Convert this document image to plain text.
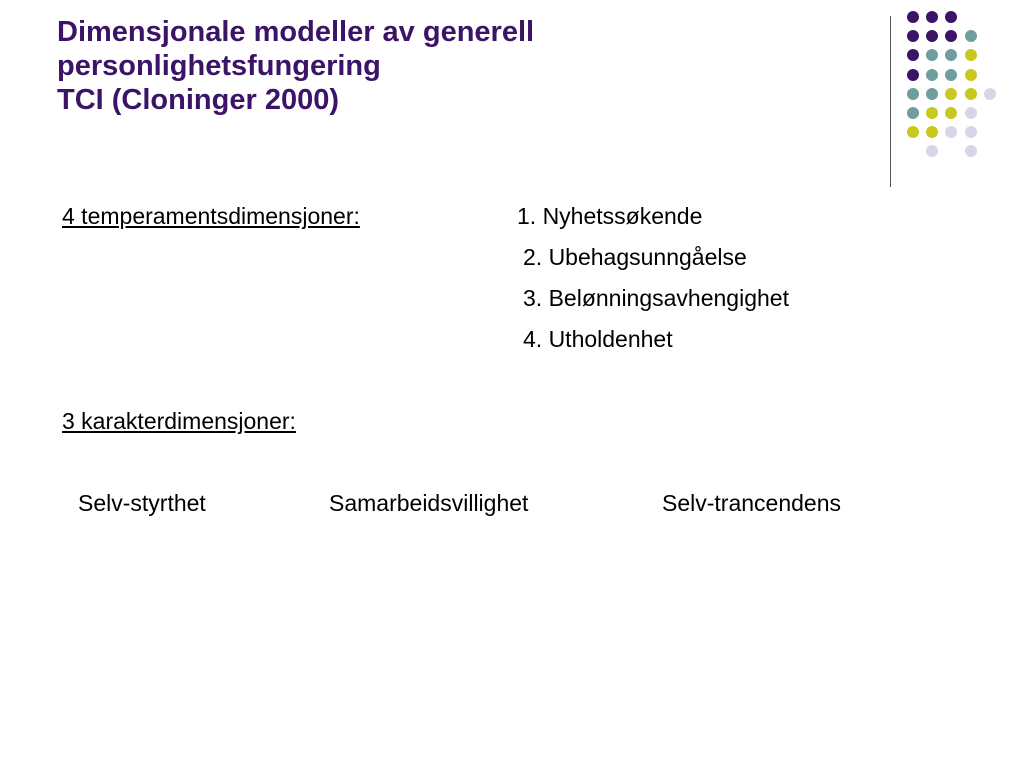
Dimensjonale modeller av generell
personlighetsfungering
TCI (Cloninger 2000)
4 temperamentsdimensjoner:	1. Nyhetssøkende
2. Ubehagsunngåelse
3. Belønningsavhengighet
4. Utholdenhet
3 karakterdimensjoner:
Selv-styrthet	Samarbeidsvillighet	Selv-trancendens
